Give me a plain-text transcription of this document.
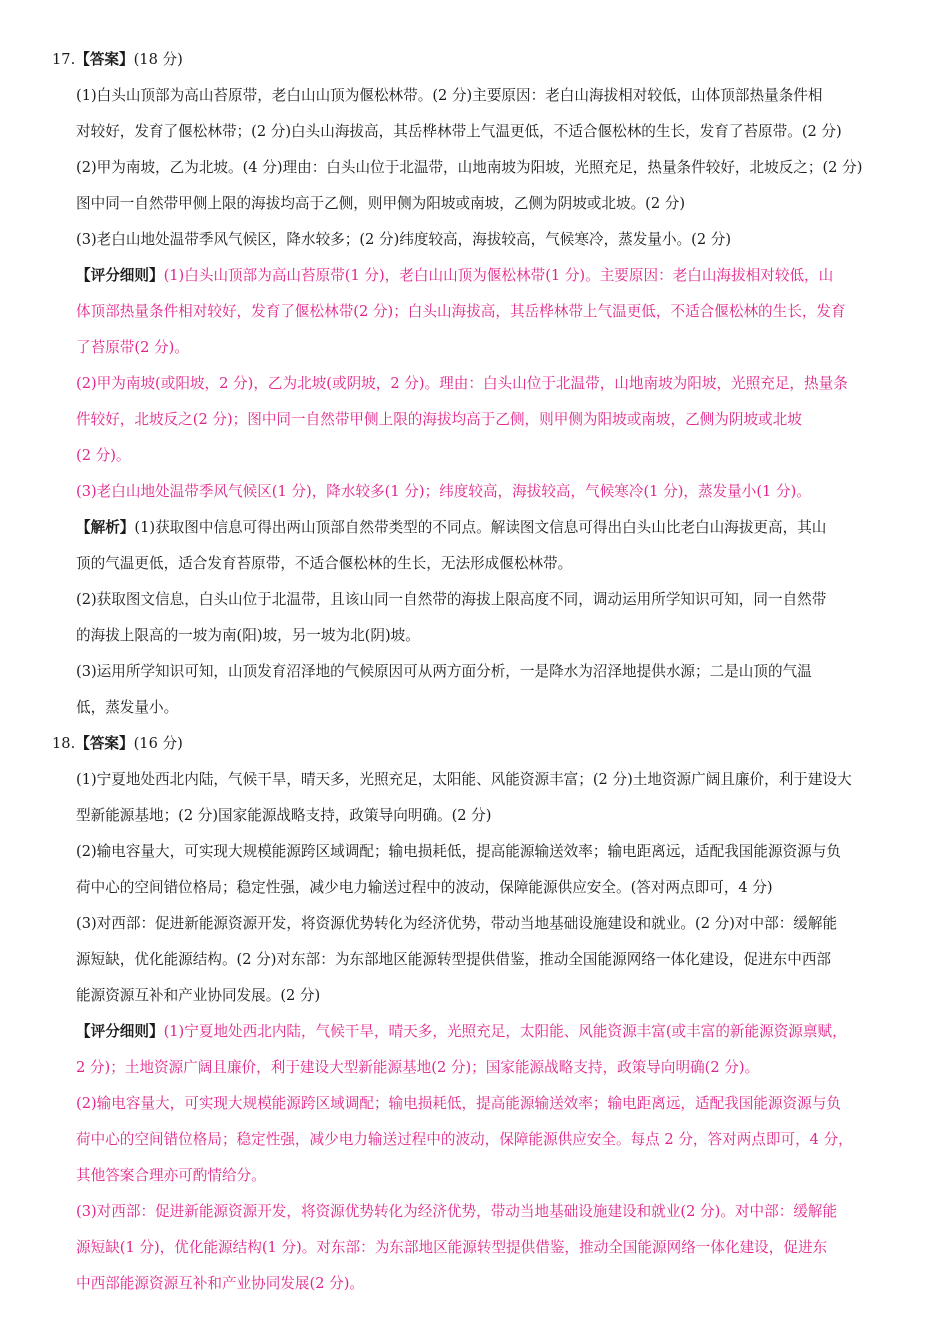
17.【答案】(18 分)
(1)白头山顶部为高山苔原带，老白山山顶为偃松林带。(2 分)主要原因：老白山海拔相对较低，山体顶部热量条件相
对较好，发育了偃松林带；(2 分)白头山海拔高，其岳桦林带上气温更低，不适合偃松林的生长，发育了苔原带。(2 分)
(2)甲为南坡，乙为北坡。(4 分)理由：白头山位于北温带，山地南坡为阳坡，光照充足，热量条件较好，北坡反之；(2 分)
图中同一自然带甲侧上限的海拔均高于乙侧，则甲侧为阳坡或南坡，乙侧为阴坡或北坡。(2 分)
(3)老白山地处温带季风气候区，降水较多；(2 分)纬度较高，海拔较高，气候寒冷，蒸发量小。(2 分)
【评分细则】(1)白头山顶部为高山苔原带(1 分)，老白山山顶为偃松林带(1 分)。主要原因：老白山海拔相对较低，山
体顶部热量条件相对较好，发育了偃松林带(2 分)；白头山海拔高，其岳桦林带上气温更低，不适合偃松林的生长，发育
了苔原带(2 分)。
(2)甲为南坡(或阳坡，2 分)，乙为北坡(或阴坡，2 分)。理由：白头山位于北温带，山地南坡为阳坡，光照充足，热量条
件较好，北坡反之(2 分)；图中同一自然带甲侧上限的海拔均高于乙侧，则甲侧为阳坡或南坡，乙侧为阴坡或北坡
(2 分)。
(3)老白山地处温带季风气候区(1 分)，降水较多(1 分)；纬度较高，海拔较高，气候寒冷(1 分)，蒸发量小(1 分)。
【解析】(1)获取图中信息可得出两山顶部自然带类型的不同点。解读图文信息可得出白头山比老白山海拔更高，其山
顶的气温更低，适合发育苔原带，不适合偃松林的生长，无法形成偃松林带。
(2)获取图文信息，白头山位于北温带，且该山同一自然带的海拔上限高度不同，调动运用所学知识可知，同一自然带
的海拔上限高的一坡为南(阳)坡，另一坡为北(阴)坡。
(3)运用所学知识可知，山顶发育沼泽地的气候原因可从两方面分析，一是降水为沼泽地提供水源；二是山顶的气温
低，蒸发量小。
18.【答案】(16 分)
(1)宁夏地处西北内陆，气候干旱，晴天多，光照充足，太阳能、风能资源丰富；(2 分)土地资源广阔且廉价，利于建设大
型新能源基地；(2 分)国家能源战略支持，政策导向明确。(2 分)
(2)输电容量大，可实现大规模能源跨区域调配；输电损耗低，提高能源输送效率；输电距离远，适配我国能源资源与负
荷中心的空间错位格局；稳定性强，减少电力输送过程中的波动，保障能源供应安全。(答对两点即可，4 分)
(3)对西部：促进新能源资源开发，将资源优势转化为经济优势，带动当地基础设施建设和就业。(2 分)对中部：缓解能
源短缺，优化能源结构。(2 分)对东部：为东部地区能源转型提供借鉴，推动全国能源网络一体化建设，促进东中西部
能源资源互补和产业协同发展。(2 分)
【评分细则】(1)宁夏地处西北内陆，气候干旱，晴天多，光照充足，太阳能、风能资源丰富(或丰富的新能源资源禀赋，
2 分)；土地资源广阔且廉价，利于建设大型新能源基地(2 分)；国家能源战略支持，政策导向明确(2 分)。
(2)输电容量大，可实现大规模能源跨区域调配；输电损耗低，提高能源输送效率；输电距离远，适配我国能源资源与负
荷中心的空间错位格局；稳定性强，减少电力输送过程中的波动，保障能源供应安全。每点 2 分，答对两点即可，4 分，
其他答案合理亦可酌情给分。
(3)对西部：促进新能源资源开发，将资源优势转化为经济优势，带动当地基础设施建设和就业(2 分)。对中部：缓解能
源短缺(1 分)，优化能源结构(1 分)。对东部：为东部地区能源转型提供借鉴，推动全国能源网络一体化建设，促进东
中西部能源资源互补和产业协同发展(2 分)。
